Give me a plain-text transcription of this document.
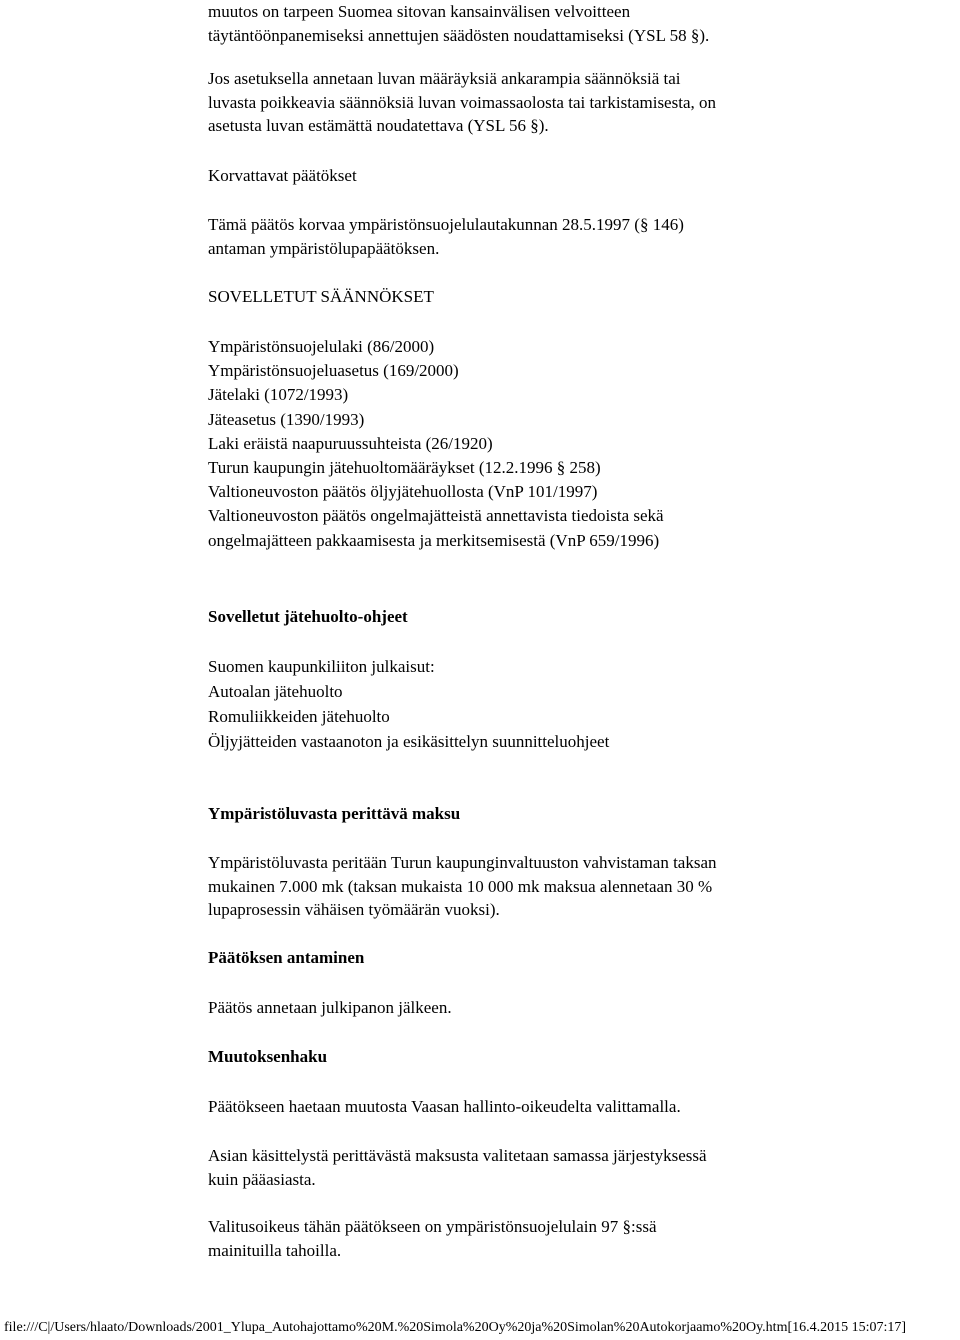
muutos on tarpeen Suomea sitovan kansainvälisen velvoitteen
täytäntöönpanemiseksi annettujen säädösten noudattamiseksi (YSL 58 §).
Jos asetuksella annetaan luvan määräyksiä ankarampia säännöksiä tai
luvasta poikkeavia säännöksiä luvan voimassaolosta tai tarkistamisesta, on
asetusta luvan estämättä noudatettava (YSL 56 §).
Korvattavat päätökset
Tämä päätös korvaa ympäristönsuojelulautakunnan 28.5.1997 (§ 146)
antaman ympäristölupapäätöksen.
SOVELLETUT SÄÄNNÖKSET
Ympäristönsuojelulaki (86/2000)
Ympäristönsuojeluasetus (169/2000)
Jätelaki (1072/1993)
Jäteasetus (1390/1993)
Laki eräistä naapuruussuhteista (26/1920)
Turun kaupungin jätehuoltomääräykset (12.2.1996 § 258)
Valtioneuvoston päätös öljyjätehuollosta (VnP 101/1997)
Valtioneuvoston päätös ongelmajätteistä annettavista tiedoista sekä
ongelmajätteen pakkaamisesta ja merkitsemisestä (VnP 659/1996)
Sovelletut jätehuolto-ohjeet
Suomen kaupunkiliiton julkaisut:
Autoalan jätehuolto
Romuliikkeiden jätehuolto
Öljyjätteiden vastaanoton ja esikäsittelyn suunnitteluohjeet
Ympäristöluvasta perittävä maksu
Ympäristöluvasta peritään Turun kaupunginvaltuuston vahvistaman taksan
mukainen 7.000 mk (taksan mukaista 10 000 mk maksua alennetaan 30 %
lupaprosessin vähäisen työmäärän vuoksi).
Päätöksen antaminen
Päätös annetaan julkipanon jälkeen.
Muutoksenhaku
Päätökseen haetaan muutosta Vaasan hallinto-oikeudelta valittamalla.
Asian käsittelystä perittävästä maksusta valitetaan samassa järjestyksessä
kuin pääasiasta.
Valitusoikeus tähän päätökseen on ympäristönsuojelulain 97 §:ssä
mainituilla tahoilla.
file:///C|/Users/hlaato/Downloads/2001_Ylupa_Autohajottamo%20M.%20Simola%20Oy%20ja%20Simolan%20Autokorjaamo%20Oy.htm[16.4.2015 15:07:17]
